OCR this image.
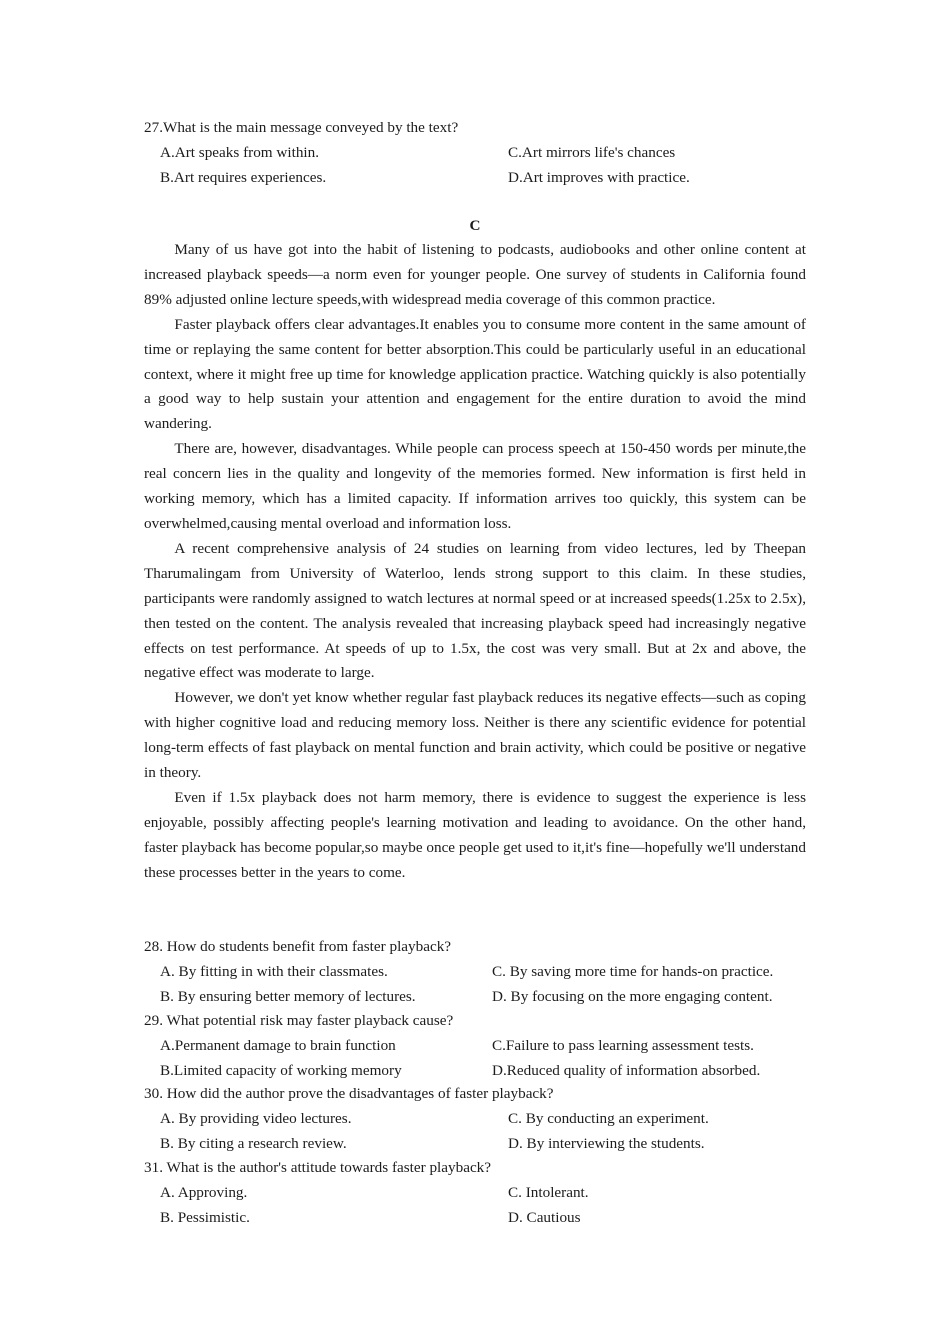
27.What is the main message conveyed by the text?
A.Art speaks from within.	C.Art mirrors life's chances
B.Art requires experiences.	D.Art improves with practice.
C

Many of us have got into the habit of listening to podcasts, audiobooks and other online content at increased playback speeds—a norm even for younger people. One survey of students in California found 89% adjusted online lecture speeds,with widespread media coverage of this common practice.

Faster playback offers clear advantages.It enables you to consume more content in the same amount of time or replaying the same content for better absorption.This could be particularly useful in an educational context, where it might free up time for knowledge application practice. Watching quickly is also potentially a good way to help sustain your attention and engagement for the entire duration to avoid the mind wandering.

There are, however, disadvantages. While people can process speech at 150-450 words per minute,the real concern lies in the quality and longevity of the memories formed. New information is first held in working memory, which has a limited capacity. If information arrives too quickly, this system can be overwhelmed,causing mental overload and information loss.

A recent comprehensive analysis of 24 studies on learning from video lectures, led by Theepan Tharumalingam from University of Waterloo, lends strong support to this claim. In these studies, participants were randomly assigned to watch lectures at normal speed or at increased speeds(1.25x to 2.5x), then tested on the content. The analysis revealed that increasing playback speed had increasingly negative effects on test performance. At speeds of up to 1.5x, the cost was very small. But at 2x and above, the negative effect was moderate to large.

However, we don't yet know whether regular fast playback reduces its negative effects—such as coping with higher cognitive load and reducing memory loss. Neither is there any scientific evidence for potential long-term effects of fast playback on mental function and brain activity, which could be positive or negative in theory.

Even if 1.5x playback does not harm memory, there is evidence to suggest the experience is less enjoyable, possibly affecting people's learning motivation and leading to avoidance. On the other hand, faster playback has become popular,so maybe once people get used to it,it's fine—hopefully we'll understand these processes better in the years to come.

28. How do students benefit from faster playback?
A. By fitting in with their classmates.	C. By saving more time for hands-on practice.
B. By ensuring better memory of lectures.	D. By focusing on the more engaging content.
29. What potential risk may faster playback cause?
A.Permanent damage to brain function	C.Failure to pass learning assessment tests.
B.Limited capacity of working memory	D.Reduced quality of information absorbed.
30. How did the author prove the disadvantages of faster playback?
A. By providing video lectures.	C. By conducting an experiment.
B. By citing a research review.	D. By interviewing the students.
31. What is the author's attitude towards faster playback?
A. Approving.	C. Intolerant.
B. Pessimistic.	D. Cautious
